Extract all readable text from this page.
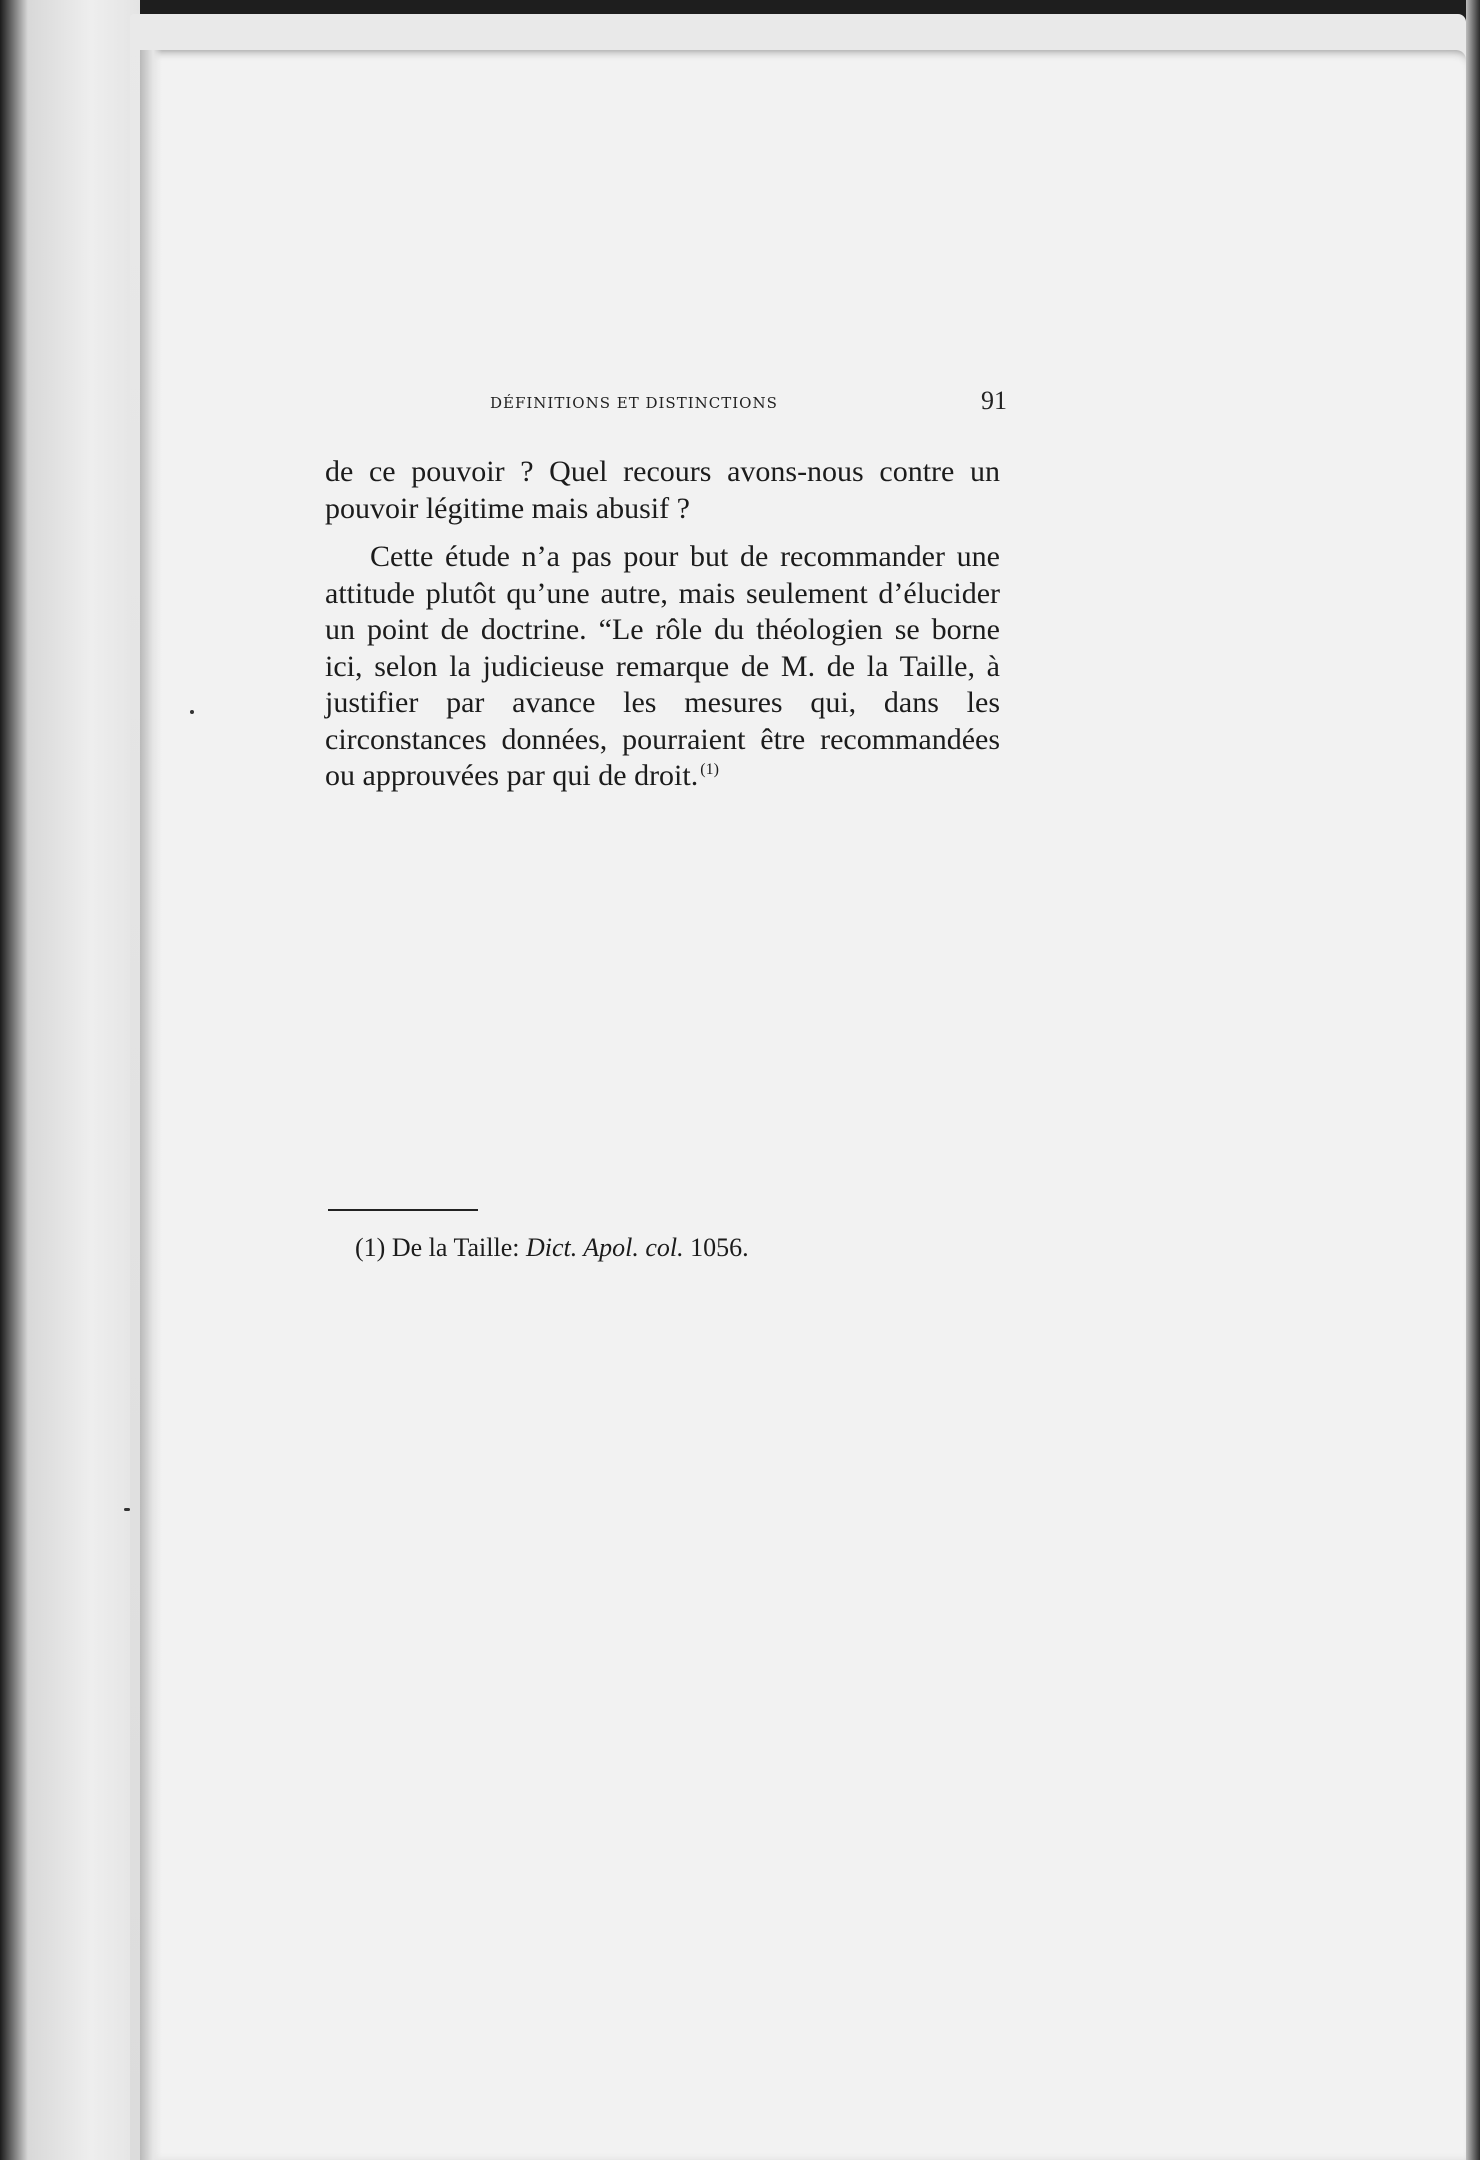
DÉFINITIONS ET DISTINCTIONS	91

de ce pouvoir ? Quel recours avons-nous contre un pouvoir légitime mais abusif ?

Cette étude n’a pas pour but de recommander une attitude plutôt qu’une autre, mais seulement d’élucider un point de doctrine. “Le rôle du théologien se borne ici, selon la judicieuse remarque de M. de la Taille, à justifier par avance les mesures qui, dans les circonstances données, pourraient être recommandées ou approuvées par qui de droit. $^{(1)}$

(1) De la Taille: Dict. Apol. col. 1056.
